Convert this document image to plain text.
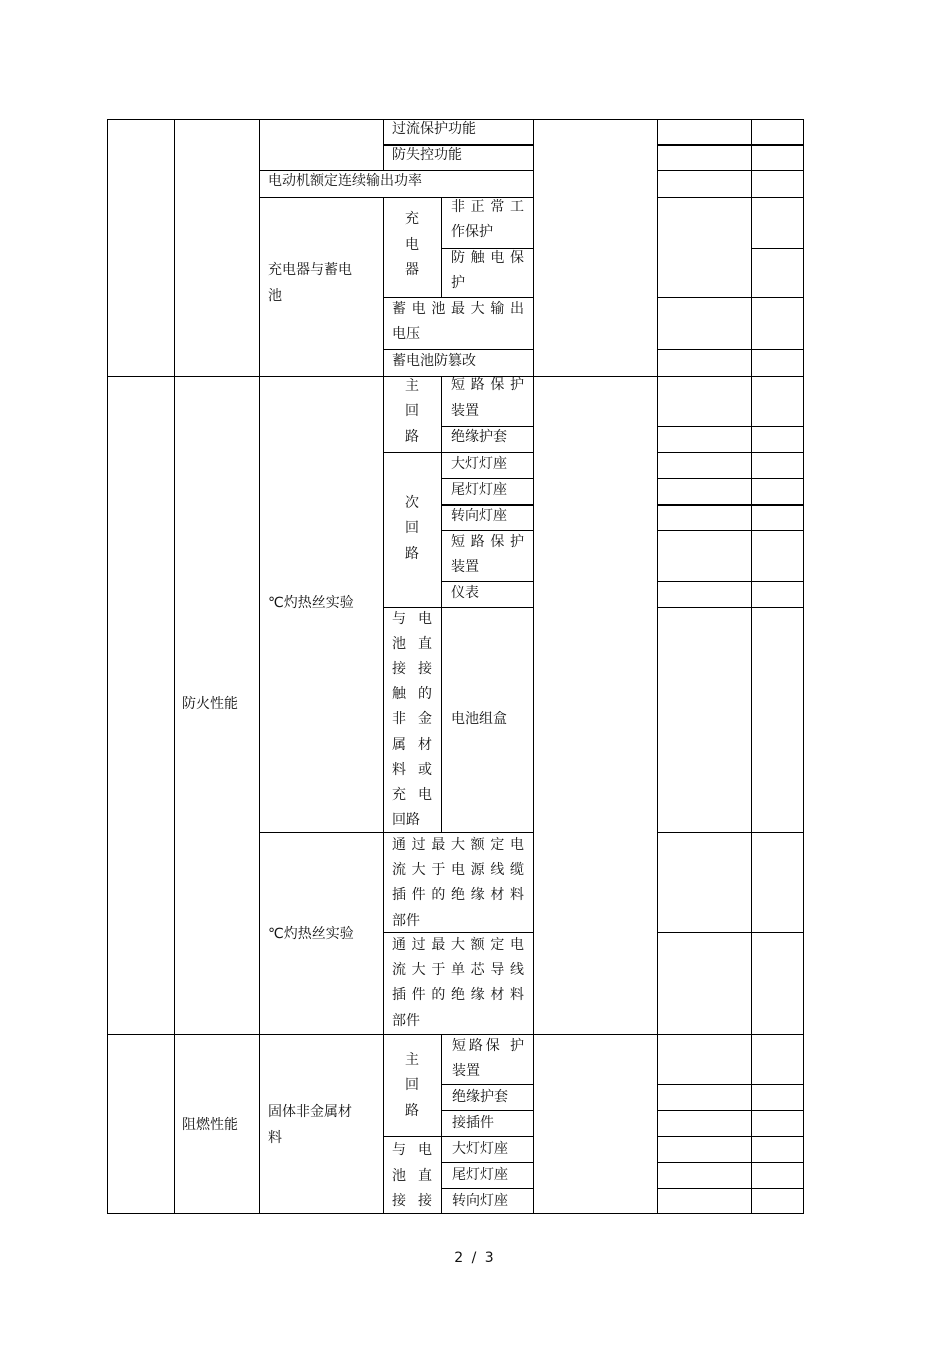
过流保护功能
防失控功能
电动机额定连续输出功率
充电器与蓄电
池
充
电
器
非正常工
作保护
防触电保
护
蓄电池最大输出
电压
蓄电池防篡改
防火性能
℃灼热丝实验
主
回
路
短路保护
装置
绝缘护套
大灯灯座
尾灯灯座
转向灯座
短路保护
装置
仪表
次
回
路
电池组盒
℃灼热丝实验
阻燃性能
固体非金属材
料
主
回
路
短路保 护
装置
绝缘护套
接插件
大灯灯座
尾灯灯座
转向灯座
与电
池直
接接
触的
非金
属材
料或
充电
回路
通过最大额定电
流大于电源线缆
插件的绝缘材料
部件
通过最大额定电
流大于单芯导线
插件的绝缘材料
部件
与电
池直
接接
2 / 3
